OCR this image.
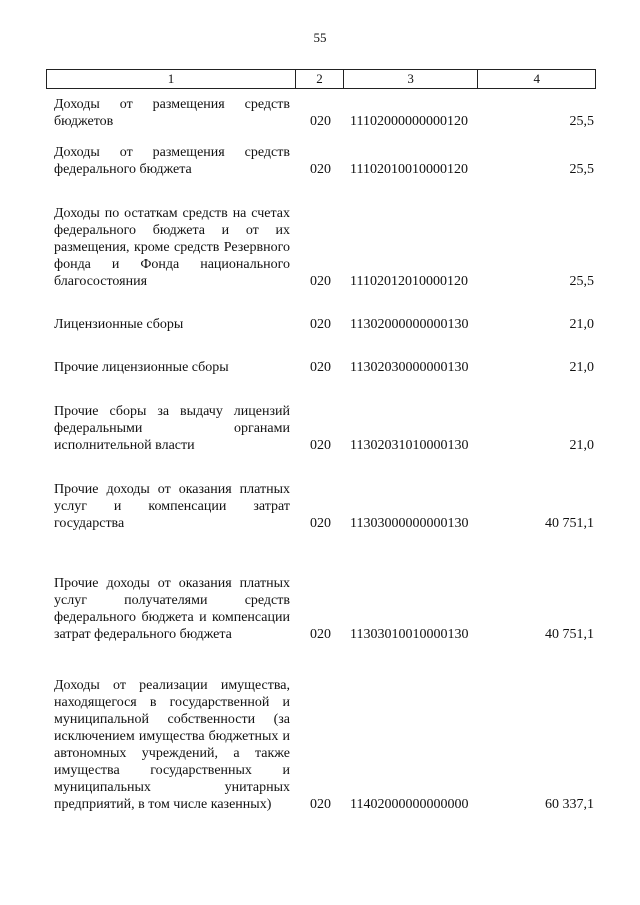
55
1	2	3	4
Доходы от размещения средств бюджетов	020	11102000000000120	25,5
Доходы от размещения средств федерального бюджета	020	11102010010000120	25,5
Доходы по остаткам средств на счетах федерального бюджета и от их размещения, кроме средств Резервного фонда и Фонда национального благосостояния	020	11102012010000120	25,5
Лицензионные сборы	020	11302000000000130	21,0
Прочие лицензионные сборы	020	11302030000000130	21,0
Прочие сборы за выдачу лицензий федеральными органами исполнительной власти	020	11302031010000130	21,0
Прочие доходы от оказания платных услуг и компенсации затрат государства	020	11303000000000130	40 751,1
Прочие доходы от оказания платных услуг получателями средств федерального бюджета и компенсации затрат федерального бюджета	020	11303010010000130	40 751,1
Доходы от реализации имущества, находящегося в государственной и муниципальной собственности (за исключением имущества бюджетных и автономных учреждений, а также имущества государственных и муниципальных унитарных предприятий, в том числе казенных)	020	11402000000000000	60 337,1
